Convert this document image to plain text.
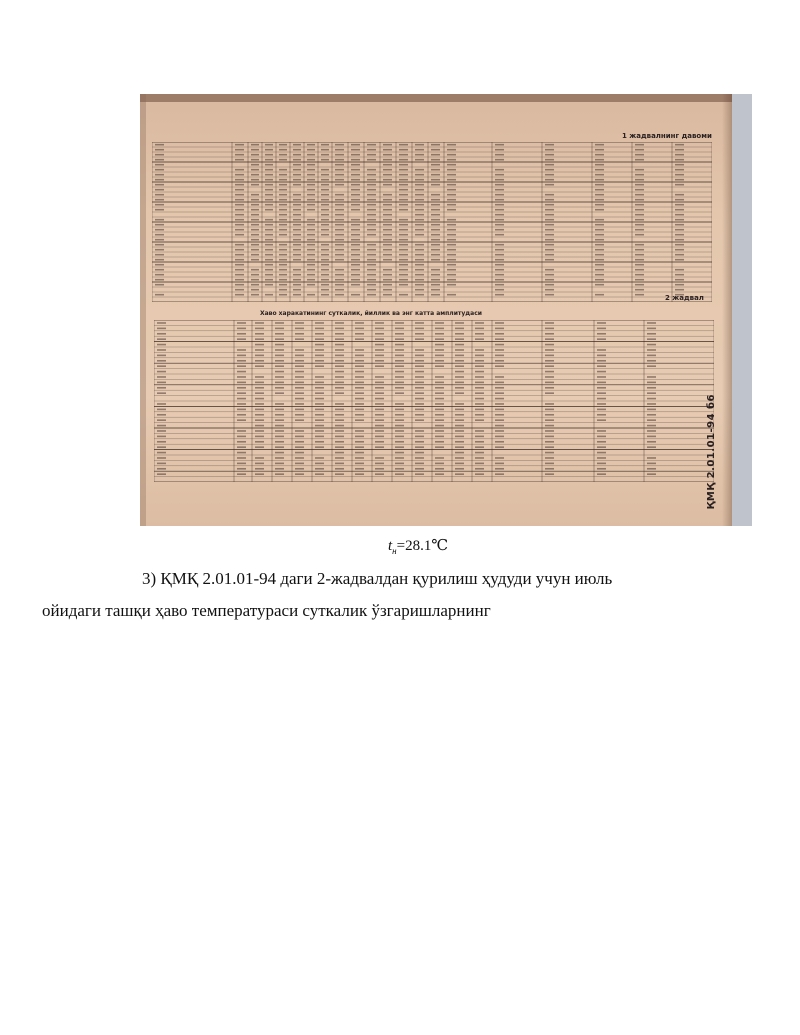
1 жадвалнинг давоми
2 жадвал
Хаво харакатининг суткалик, йиллик ва энг катта амплитудаси
ҚМҚ 2.01.01-94 б6
$t_н=28.1℃$
3) ҚМҚ 2.01.01-94 даги 2-жадвалдан қурилиш ҳудуди учун июль
ойидаги ташқи ҳаво температураси суткалик ўзгаришларнинг
